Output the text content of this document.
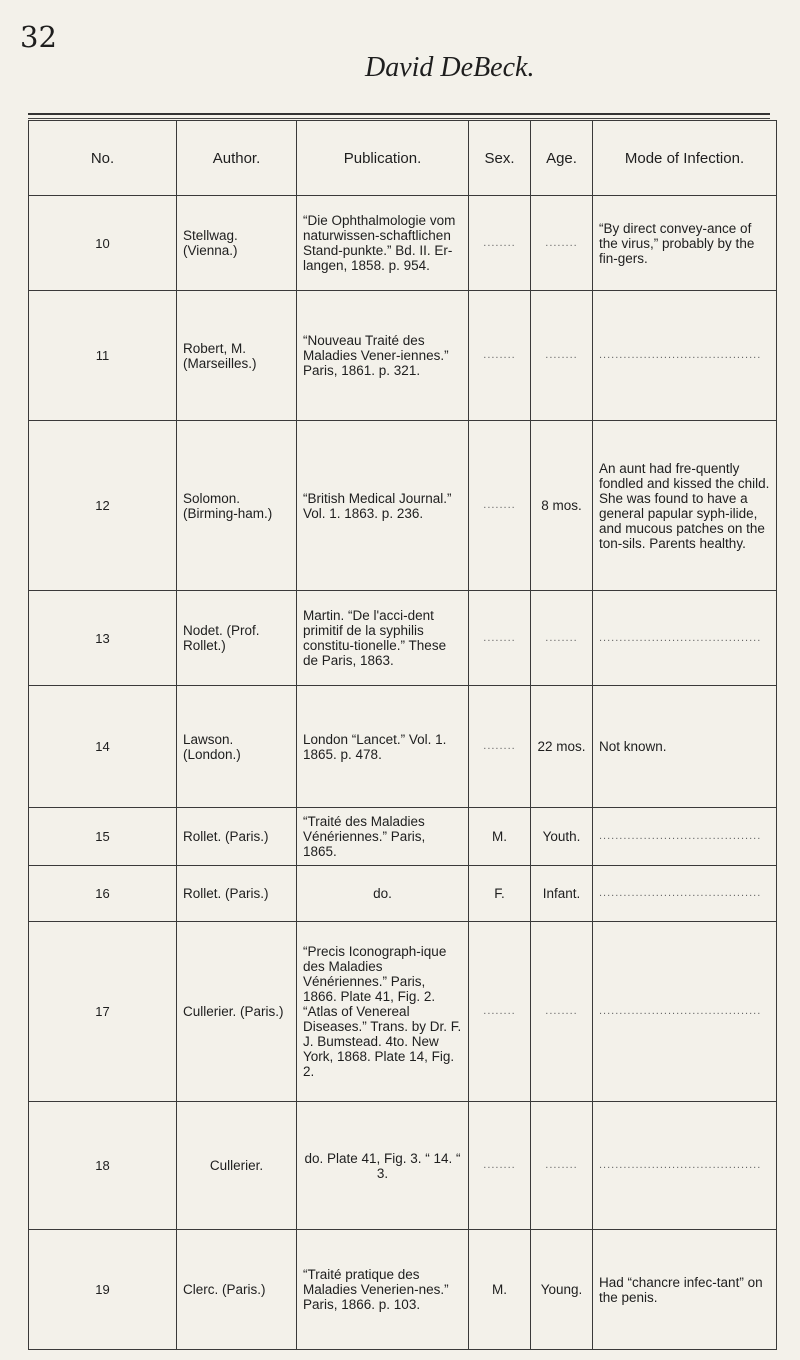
32
David DeBeck.
No.	Author.	Publication.	Sex.	Age.	Mode of Infection.
10	Stellwag. (Vienna.)	“Die Ophthalmologie vom naturwissen-schaftlichen Stand-punkte.” Bd. II. Er-langen, 1858. p. 954.	........	........	“By direct convey-ance of the virus,” probably by the fin-gers.
11	Robert, M. (Marseilles.)	“Nouveau Traité des Maladies Vener-iennes.” Paris, 1861. p. 321.	........	........	........................................
12	Solomon. (Birming-ham.)	“British Medical Journal.” Vol. 1. 1863. p. 236.	........	8 mos.	An aunt had fre-quently fondled and kissed the child. She was found to have a general papular syph-ilide, and mucous patches on the ton-sils. Parents healthy.
13	Nodet. (Prof. Rollet.)	Martin. “De l'acci-dent primitif de la syphilis constitu-tionelle.” These de Paris, 1863.	........	........	........................................
14	Lawson. (London.)	London “Lancet.” Vol. 1. 1865. p. 478.	........	22 mos.	Not known.
15	Rollet. (Paris.)	“Traité des Maladies Vénériennes.” Paris, 1865.	M.	Youth.	........................................
16	Rollet. (Paris.)	do.	F.	Infant.	........................................
17	Cullerier. (Paris.)	“Precis Iconograph-ique des Maladies Vénériennes.” Paris, 1866. Plate 41, Fig. 2. “Atlas of Venereal Diseases.” Trans. by Dr. F. J. Bumstead. 4to. New York, 1868. Plate 14, Fig. 2.	........	........	........................................
18	Cullerier.	do. Plate 41, Fig. 3. “ 14. “ 3.	........	........	........................................
19	Clerc. (Paris.)	“Traité pratique des Maladies Venerien-nes.” Paris, 1866. p. 103.	M.	Young.	Had “chancre infec-tant” on the penis.
